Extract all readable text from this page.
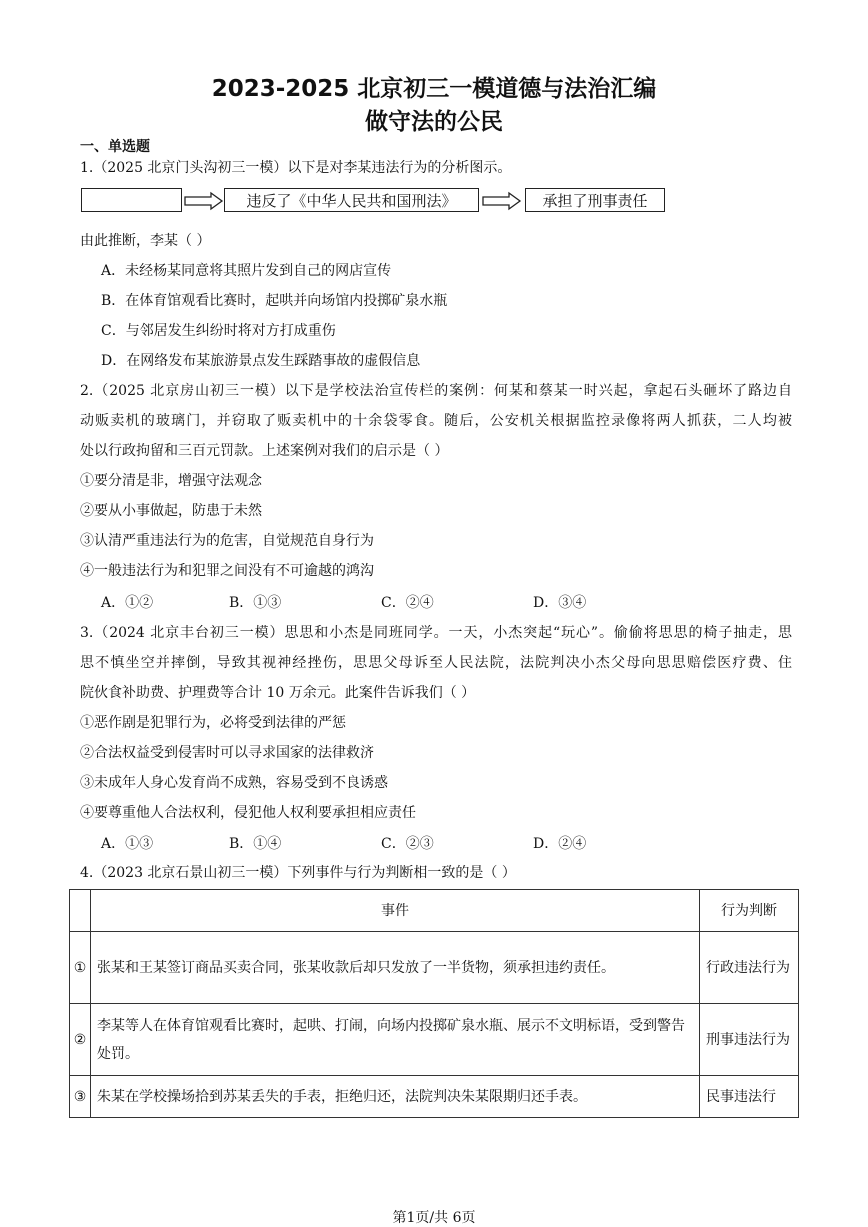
2023-2025 北京初三一模道德与法治汇编
做守法的公民
一、单选题
1.（2025 北京门头沟初三一模）以下是对李某违法行为的分析图示。
违反了《中华人民共和国刑法》	承担了刑事责任
由此推断，李某（ ）
A．未经杨某同意将其照片发到自己的网店宣传
B．在体育馆观看比赛时，起哄并向场馆内投掷矿泉水瓶
C．与邻居发生纠纷时将对方打成重伤
D．在网络发布某旅游景点发生踩踏事故的虚假信息
2.（2025 北京房山初三一模）以下是学校法治宣传栏的案例：何某和蔡某一时兴起，拿起石头砸坏了路边自
动贩卖机的玻璃门，并窃取了贩卖机中的十余袋零食。随后，公安机关根据监控录像将两人抓获，二人均被
处以行政拘留和三百元罚款。上述案例对我们的启示是（ ）
①要分清是非，增强守法观念
②要从小事做起，防患于未然
③认清严重违法行为的危害，自觉规范自身行为
④一般违法行为和犯罪之间没有不可逾越的鸿沟
A．①②	B．①③	C．②④	D．③④
3.（2024 北京丰台初三一模）思思和小杰是同班同学。一天，小杰突起“玩心”。偷偷将思思的椅子抽走，思
思不慎坐空并摔倒，导致其视神经挫伤，思思父母诉至人民法院，法院判决小杰父母向思思赔偿医疗费、住
院伙食补助费、护理费等合计 10 万余元。此案件告诉我们（ ）
①恶作剧是犯罪行为，必将受到法律的严惩
②合法权益受到侵害时可以寻求国家的法律救济
③未成年人身心发育尚不成熟，容易受到不良诱惑
④要尊重他人合法权利，侵犯他人权利要承担相应责任
A．①③	B．①④	C．②③	D．②④
4.（2023 北京石景山初三一模）下列事件与行为判断相一致的是（ ）
	事件	行为判断
①	张某和王某签订商品买卖合同，张某收款后却只发放了一半货物，须承担违约责任。	行政违法行为
②	李某等人在体育馆观看比赛时，起哄、打闹，向场内投掷矿泉水瓶、展示不文明标语，受到警告处罚。	刑事违法行为
③	朱某在学校操场拾到苏某丢失的手表，拒绝归还，法院判决朱某限期归还手表。	民事违法行
第1页/共 6页
